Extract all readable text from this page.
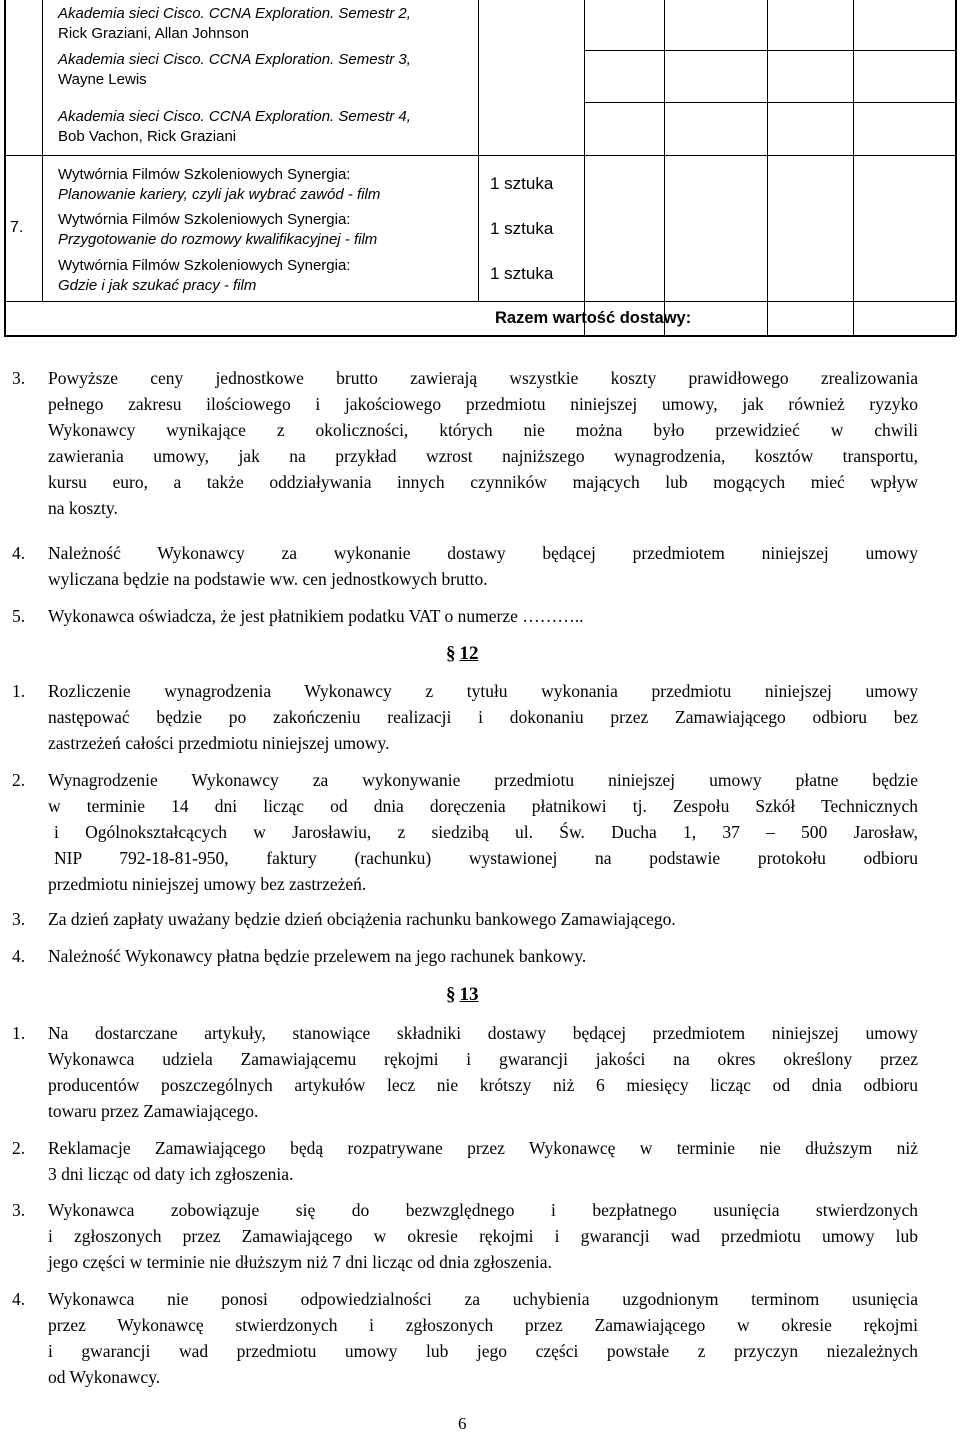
Akademia sieci Cisco. CCNA Exploration. Semestr 2,
Rick Graziani, Allan Johnson
Akademia sieci Cisco. CCNA Exploration. Semestr 3,
Wayne Lewis
Akademia sieci Cisco. CCNA Exploration. Semestr 4,
Bob Vachon, Rick Graziani
7.
Wytwórnia Filmów Szkoleniowych Synergia:
Planowanie kariery, czyli jak wybrać zawód - film
Wytwórnia Filmów Szkoleniowych Synergia:
Przygotowanie do rozmowy kwalifikacyjnej - film
Wytwórnia Filmów Szkoleniowych Synergia:
Gdzie i jak szukać pracy - film
1 sztuka
1 sztuka
1 sztuka
Razem wartość dostawy:
3. Powyższe ceny jednostkowe brutto zawierają wszystkie koszty prawidłowego zrealizowania
pełnego zakresu ilościowego i jakościowego przedmiotu niniejszej umowy, jak również ryzyko
Wykonawcy wynikające z okoliczności, których nie można było przewidzieć w chwili
zawierania umowy, jak na przykład wzrost najniższego wynagrodzenia, kosztów transportu,
kursu euro, a także oddziaływania innych czynników mających lub mogących mieć wpływ
na koszty.
4. Należność Wykonawcy za wykonanie dostawy będącej przedmiotem niniejszej umowy
wyliczana będzie na podstawie ww. cen jednostkowych brutto.
5. Wykonawca oświadcza, że jest płatnikiem podatku VAT o numerze ………..
§ 12
1. Rozliczenie wynagrodzenia Wykonawcy z tytułu wykonania przedmiotu niniejszej umowy
następować będzie po zakończeniu realizacji i dokonaniu przez Zamawiającego odbioru bez
zastrzeżeń całości przedmiotu niniejszej umowy.
2. Wynagrodzenie Wykonawcy za wykonywanie przedmiotu niniejszej umowy płatne będzie
w terminie 14 dni licząc od dnia doręczenia płatnikowi tj. Zespołu Szkół Technicznych
i Ogólnokształcących w Jarosławiu, z siedzibą ul. Św. Ducha 1, 37 – 500 Jarosław,
NIP 792-18-81-950, faktury (rachunku) wystawionej na podstawie protokołu odbioru
przedmiotu niniejszej umowy bez zastrzeżeń.
3. Za dzień zapłaty uważany będzie dzień obciążenia rachunku bankowego Zamawiającego.
4. Należność Wykonawcy płatna będzie przelewem na jego rachunek bankowy.
§ 13
1. Na dostarczane artykuły, stanowiące składniki dostawy będącej przedmiotem niniejszej umowy
Wykonawca udziela Zamawiającemu rękojmi i gwarancji jakości na okres określony przez
producentów poszczególnych artykułów lecz nie krótszy niż 6 miesięcy licząc od dnia odbioru
towaru przez Zamawiającego.
2. Reklamacje Zamawiającego będą rozpatrywane przez Wykonawcę w terminie nie dłuższym niż
3 dni licząc od daty ich zgłoszenia.
3. Wykonawca zobowiązuje się do bezwzględnego i bezpłatnego usunięcia stwierdzonych
i zgłoszonych przez Zamawiającego w okresie rękojmi i gwarancji wad przedmiotu umowy lub
jego części w terminie nie dłuższym niż 7 dni licząc od dnia zgłoszenia.
4. Wykonawca nie ponosi odpowiedzialności za uchybienia uzgodnionym terminom usunięcia
przez Wykonawcę stwierdzonych i zgłoszonych przez Zamawiającego w okresie rękojmi
i gwarancji wad przedmiotu umowy lub jego części powstałe z przyczyn niezależnych
od Wykonawcy.
6
